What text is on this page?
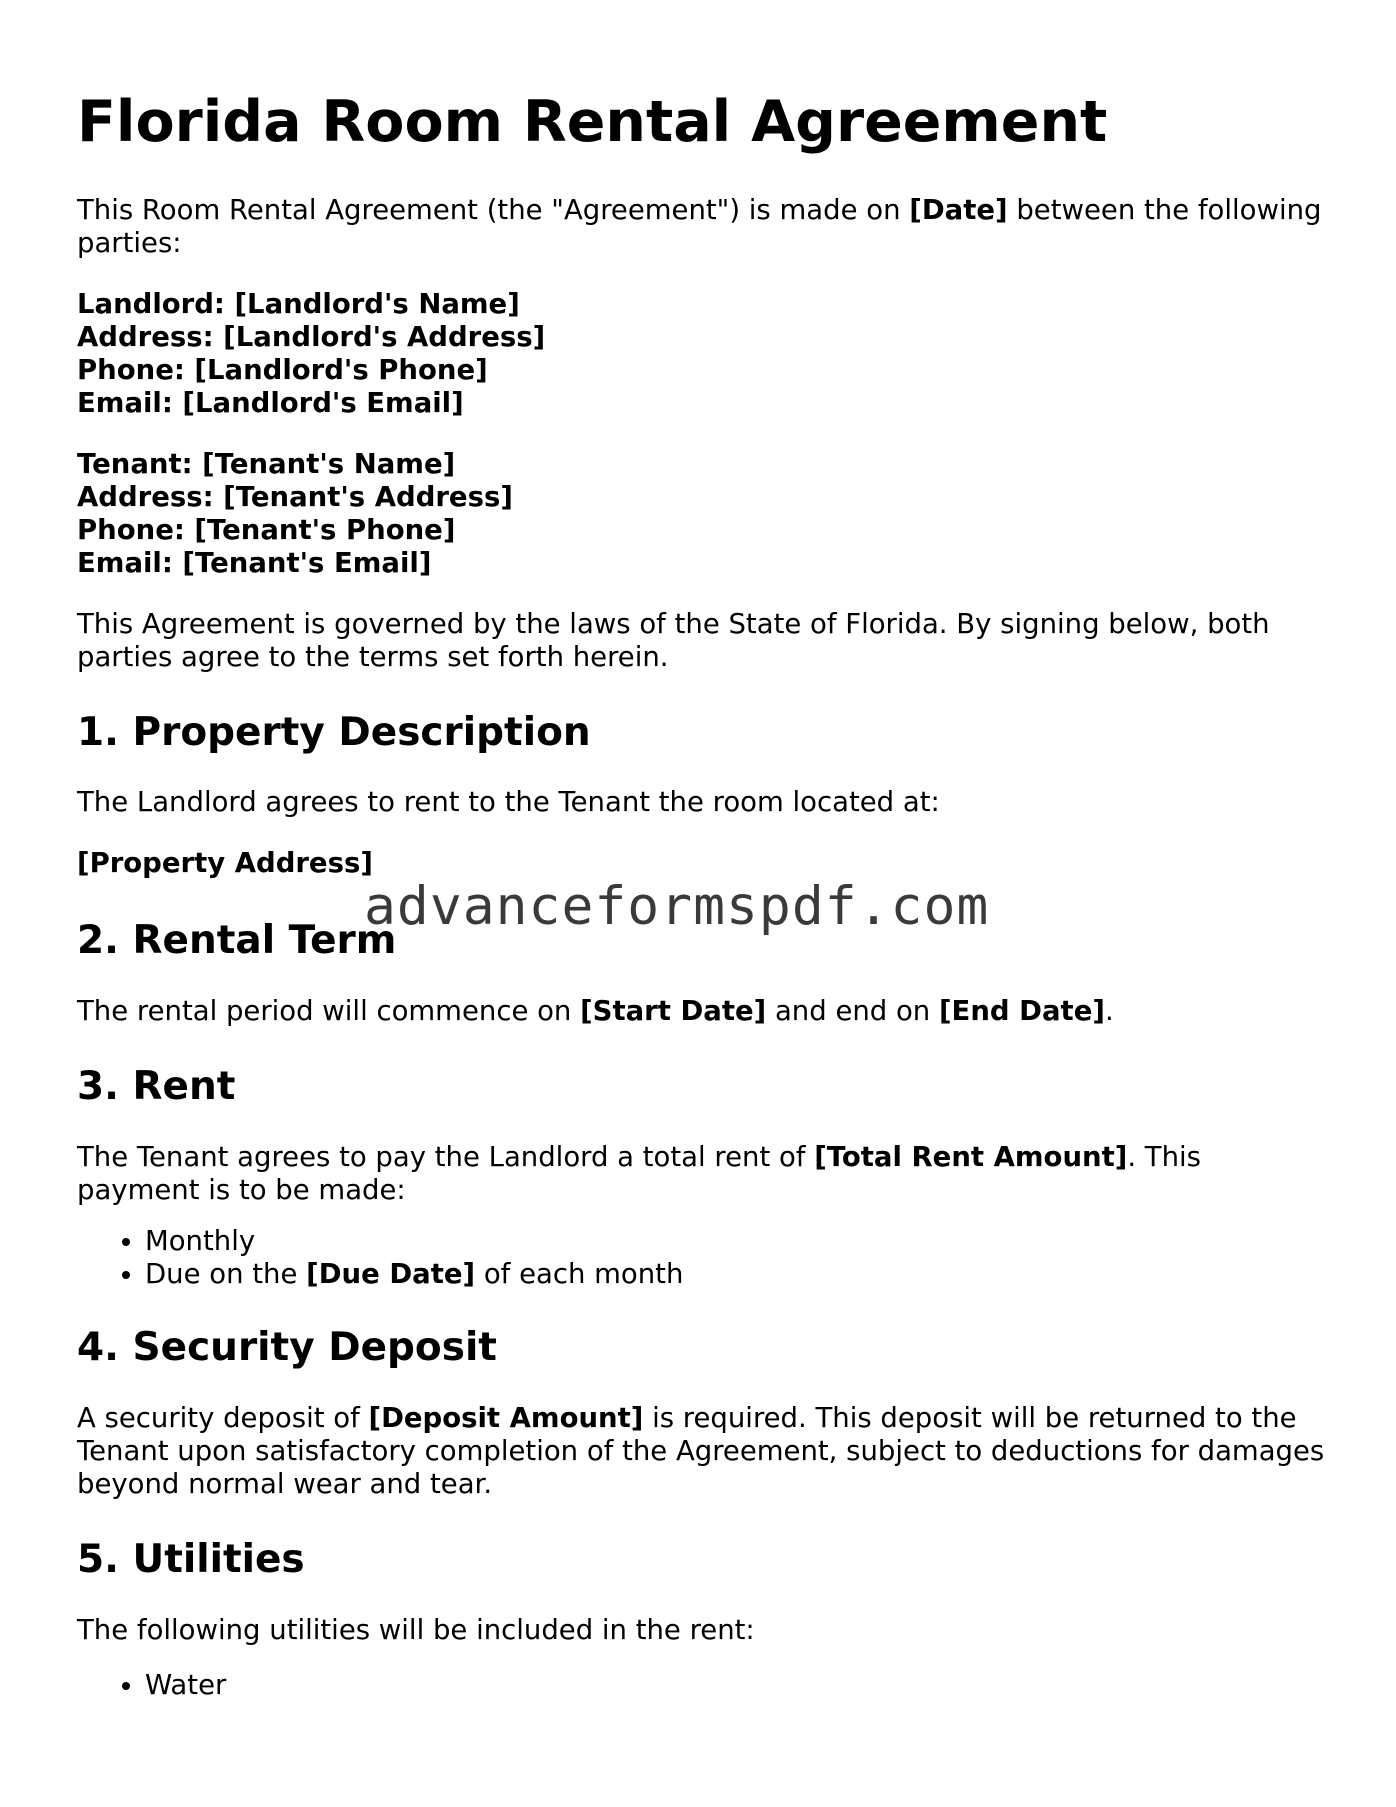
Florida Room Rental Agreement

This Room Rental Agreement (the "Agreement") is made on [Date] between the following parties:

Landlord: [Landlord's Name]
Address: [Landlord's Address]
Phone: [Landlord's Phone]
Email: [Landlord's Email]
Tenant: [Tenant's Name]
Address: [Tenant's Address]
Phone: [Tenant's Phone]
Email: [Tenant's Email]

This Agreement is governed by the laws of the State of Florida. By signing below, both parties agree to the terms set forth herein.

1. Property Description

The Landlord agrees to rent to the Tenant the room located at:

[Property Address]

2. Rental Term

The rental period will commence on [Start Date] and end on [End Date].

3. Rent

The Tenant agrees to pay the Landlord a total rent of [Total Rent Amount]. This payment is to be made:

• Monthly
• Due on the [Due Date] of each month
4. Security Deposit

A security deposit of [Deposit Amount] is required. This deposit will be returned to the Tenant upon satisfactory completion of the Agreement, subject to deductions for damages beyond normal wear and tear.

5. Utilities

The following utilities will be included in the rent:

• Water
advanceformspdf.com
